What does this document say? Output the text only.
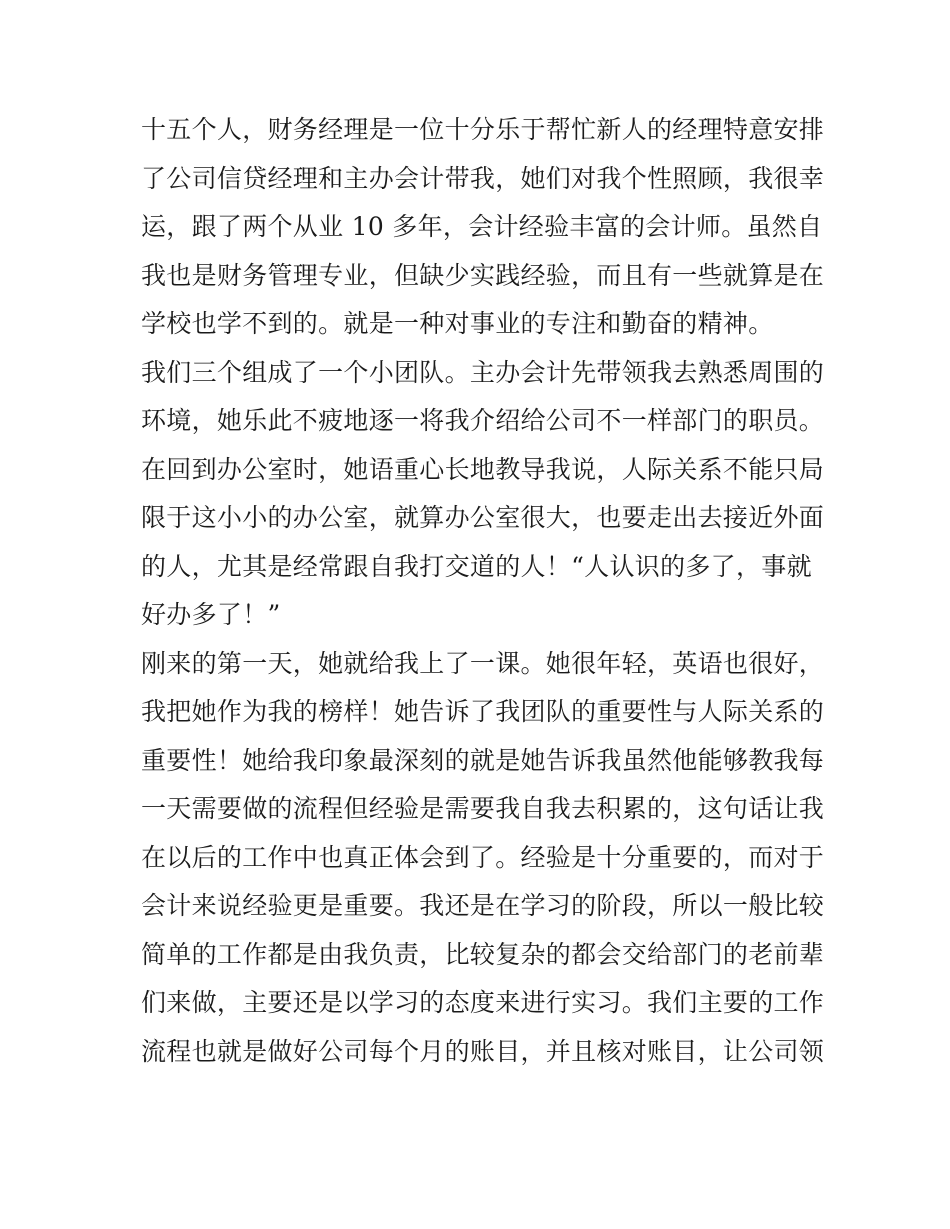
十五个人，财务经理是一位十分乐于帮忙新人的经理特意安排
了公司信贷经理和主办会计带我，她们对我个性照顾，我很幸
运，跟了两个从业 10 多年，会计经验丰富的会计师。虽然自
我也是财务管理专业，但缺少实践经验，而且有一些就算是在
学校也学不到的。就是一种对事业的专注和勤奋的精神。
我们三个组成了一个小团队。主办会计先带领我去熟悉周围的
环境，她乐此不疲地逐一将我介绍给公司不一样部门的职员。
在回到办公室时，她语重心长地教导我说，人际关系不能只局
限于这小小的办公室，就算办公室很大，也要走出去接近外面
的人，尤其是经常跟自我打交道的人！“人认识的多了，事就
好办多了！”
刚来的第一天，她就给我上了一课。她很年轻，英语也很好，
我把她作为我的榜样！她告诉了我团队的重要性与人际关系的
重要性！她给我印象最深刻的就是她告诉我虽然他能够教我每
一天需要做的流程但经验是需要我自我去积累的，这句话让我
在以后的工作中也真正体会到了。经验是十分重要的，而对于
会计来说经验更是重要。我还是在学习的阶段，所以一般比较
简单的工作都是由我负责，比较复杂的都会交给部门的老前辈
们来做，主要还是以学习的态度来进行实习。我们主要的工作
流程也就是做好公司每个月的账目，并且核对账目，让公司领
